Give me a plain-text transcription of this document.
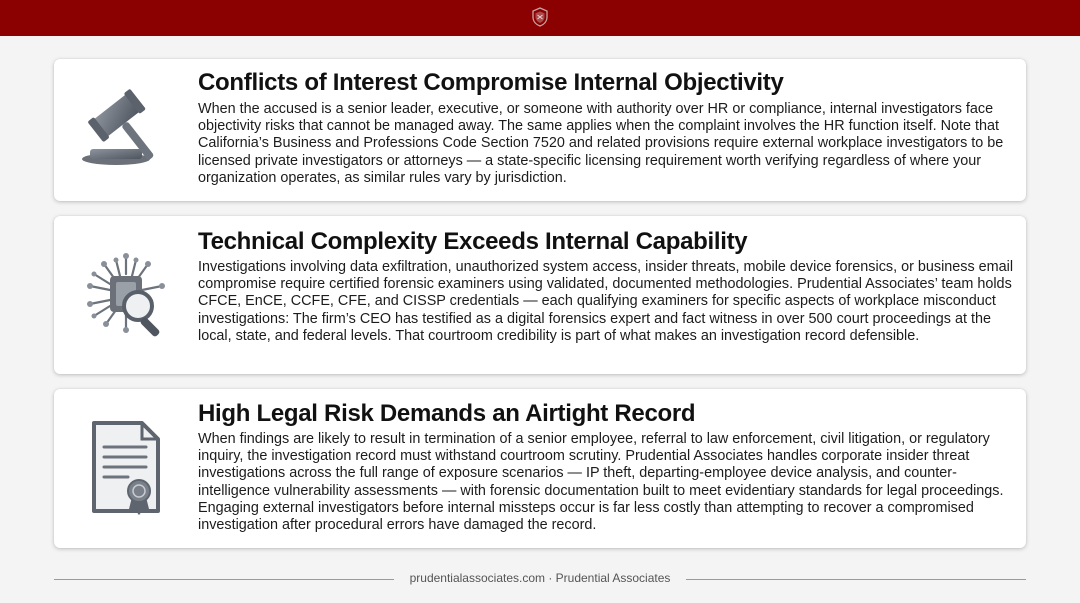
Conflicts of Interest Compromise Internal Objectivity

When the accused is a senior leader, executive, or someone with authority over HR or compliance, internal investigators face objectivity risks that cannot be managed away. The same applies when the complaint involves the HR function itself. Note that California’s Business and Professions Code Section 7520 and related provisions require external workplace investigators to be licensed private investigators or attorneys — a state-specific licensing requirement worth verifying regardless of where your organization operates, as similar rules vary by jurisdiction.

Technical Complexity Exceeds Internal Capability

Investigations involving data exfiltration, unauthorized system access, insider threats, mobile device forensics, or business email compromise require certified forensic examiners using validated, documented methodologies. Prudential Associates’ team holds CFCE, EnCE, CCFE, CFE, and CISSP credentials — each qualifying examiners for specific aspects of workplace misconduct investigations: The firm’s CEO has testified as a digital forensics expert and fact witness in over 500 court proceedings at the local, state, and federal levels. That courtroom credibility is part of what makes an investigation record defensible.

High Legal Risk Demands an Airtight Record

When findings are likely to result in termination of a senior employee, referral to law enforcement, civil litigation, or regulatory inquiry, the investigation record must withstand courtroom scrutiny. Prudential Associates handles corporate insider threat investigations across the full range of exposure scenarios — IP theft, departing-employee device analysis, and counter-intelligence vulnerability assessments — with forensic documentation built to meet evidentiary standards for legal proceedings. Engaging external investigators before internal missteps occur is far less costly than attempting to recover a compromised investigation after procedural errors have damaged the record.

prudentialassociates.com · Prudential Associates
